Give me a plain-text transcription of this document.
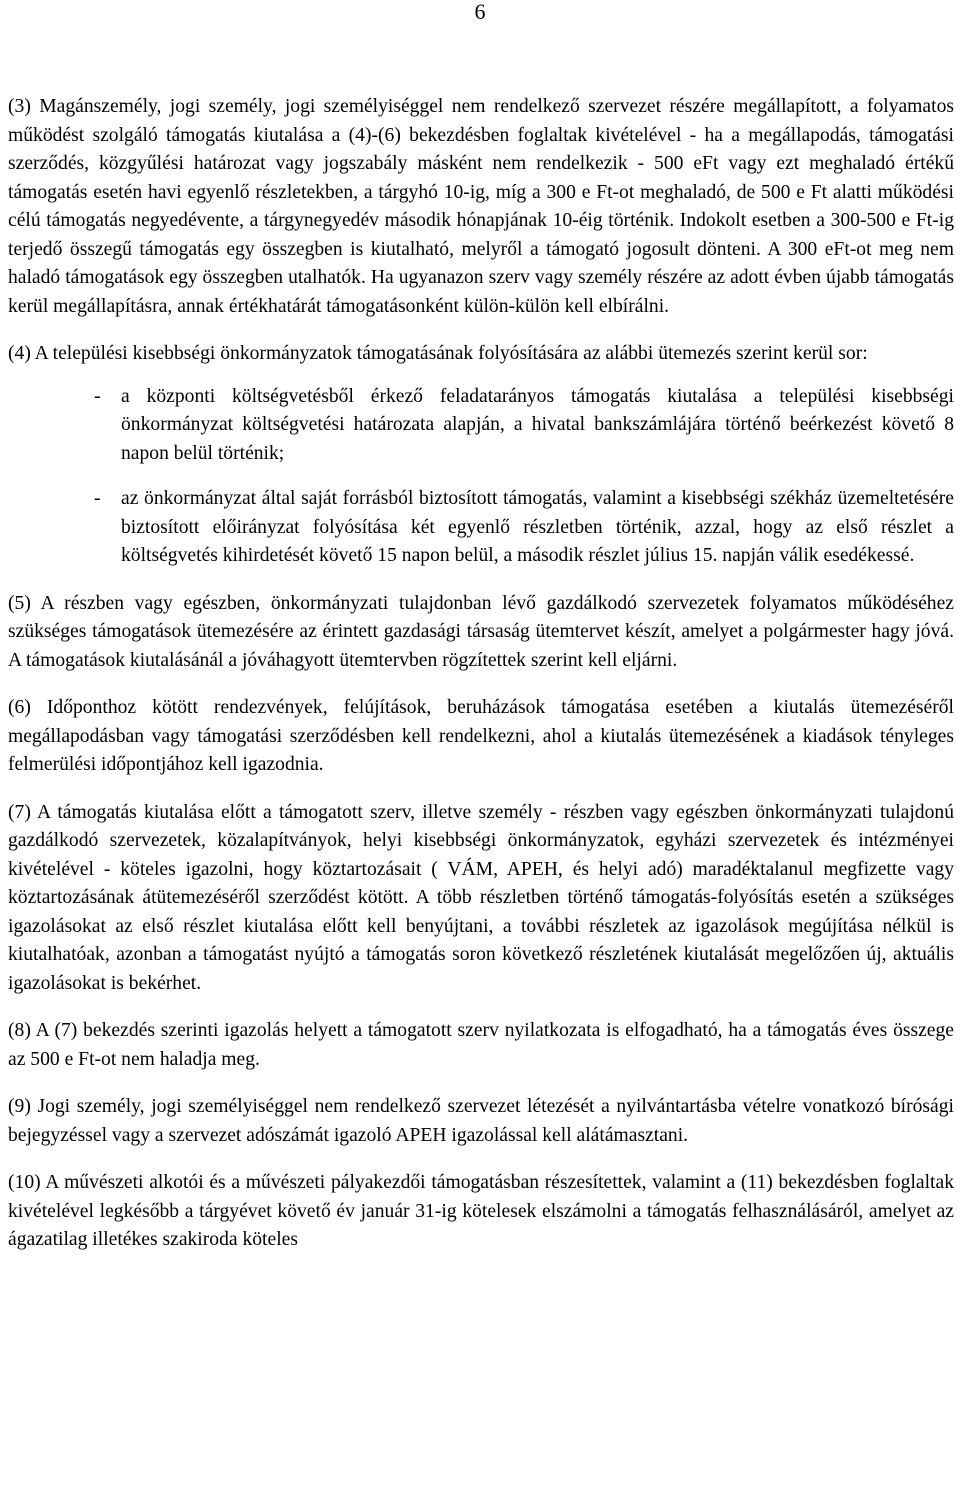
6

(3) Magánszemély, jogi személy, jogi személyiséggel nem rendelkező szervezet részére megállapított, a folyamatos működést szolgáló támogatás kiutalása a (4)-(6) bekezdésben foglaltak kivételével - ha a megállapodás, támogatási szerződés, közgyűlési határozat vagy jogszabály másként nem rendelkezik - 500 eFt vagy ezt meghaladó értékű támogatás esetén havi egyenlő részletekben, a tárgyhó 10-ig, míg a 300 e Ft-ot meghaladó, de 500 e Ft alatti működési célú támogatás negyedévente, a tárgynegyedév második hónapjának 10-éig történik. Indokolt esetben a 300-500 e Ft-ig terjedő összegű támogatás egy összegben is kiutalható, melyről a támogató jogosult dönteni. A 300 eFt-ot meg nem haladó támogatások egy összegben utalhatók. Ha ugyanazon szerv vagy személy részére az adott évben újabb támogatás kerül megállapításra, annak értékhatárát támogatásonként külön-külön kell elbírálni.

(4) A települési kisebbségi önkormányzatok támogatásának folyósítására az alábbi ütemezés szerint kerül sor:

- a központi költségvetésből érkező feladatarányos támogatás kiutalása a települési kisebbségi önkormányzat költségvetési határozata alapján, a hivatal bankszámlájára történő beérkezést követő 8 napon belül történik;
- az önkormányzat által saját forrásból biztosított támogatás, valamint a kisebbségi székház üzemeltetésére biztosított előirányzat folyósítása két egyenlő részletben történik, azzal, hogy az első részlet a költségvetés kihirdetését követő 15 napon belül, a második részlet július 15. napján válik esedékessé.

(5) A részben vagy egészben, önkormányzati tulajdonban lévő gazdálkodó szervezetek folyamatos működéséhez szükséges támogatások ütemezésére az érintett gazdasági társaság ütemtervet készít, amelyet a polgármester hagy jóvá. A támogatások kiutalásánál a jóváhagyott ütemtervben rögzítettek szerint kell eljárni.

(6) Időponthoz kötött rendezvények, felújítások, beruházások támogatása esetében a kiutalás ütemezéséről megállapodásban vagy támogatási szerződésben kell rendelkezni, ahol a kiutalás ütemezésének a kiadások tényleges felmerülési időpontjához kell igazodnia.

(7) A támogatás kiutalása előtt a támogatott szerv, illetve személy - részben vagy egészben önkormányzati tulajdonú gazdálkodó szervezetek, közalapítványok, helyi kisebbségi önkormányzatok, egyházi szervezetek és intézményei kivételével - köteles igazolni, hogy köztartozásait ( VÁM, APEH, és helyi adó) maradéktalanul megfizette vagy köztartozásának átütemezéséről szerződést kötött. A több részletben történő támogatás-folyósítás esetén a szükséges igazolásokat az első részlet kiutalása előtt kell benyújtani, a további részletek az igazolások megújítása nélkül is kiutalhatóak, azonban a támogatást nyújtó a támogatás soron következő részletének kiutalását megelőzően új, aktuális igazolásokat is bekérhet.

(8) A (7) bekezdés szerinti igazolás helyett a támogatott szerv nyilatkozata is elfogadható, ha a támogatás éves összege az 500 e Ft-ot nem haladja meg.

(9) Jogi személy, jogi személyiséggel nem rendelkező szervezet létezését a nyilvántartásba vételre vonatkozó bírósági bejegyzéssel vagy a szervezet adószámát igazoló APEH igazolással kell alátámasztani.

(10) A művészeti alkotói és a művészeti pályakezdői támogatásban részesítettek, valamint a (11) bekezdésben foglaltak kivételével legkésőbb a tárgyévet követő év január 31-ig kötelesek elszámolni a támogatás felhasználásáról, amelyet az ágazatilag illetékes szakiroda köteles
